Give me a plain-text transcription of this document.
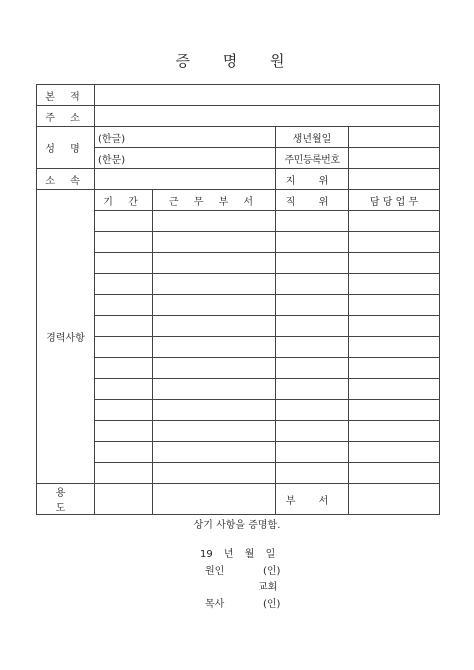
증 명 원
본 적				
주 소				
성 명	(한글)		생년월일	
	(한문)		주민등록번호	
소 속			지 위	
경력사항	기 간	근 무 부 서	직 위	담 당 업 무

용 도			부 서	
상기 사항을 증명함.
19 년 월 일
원인	(인)
교회
목사	(인)
